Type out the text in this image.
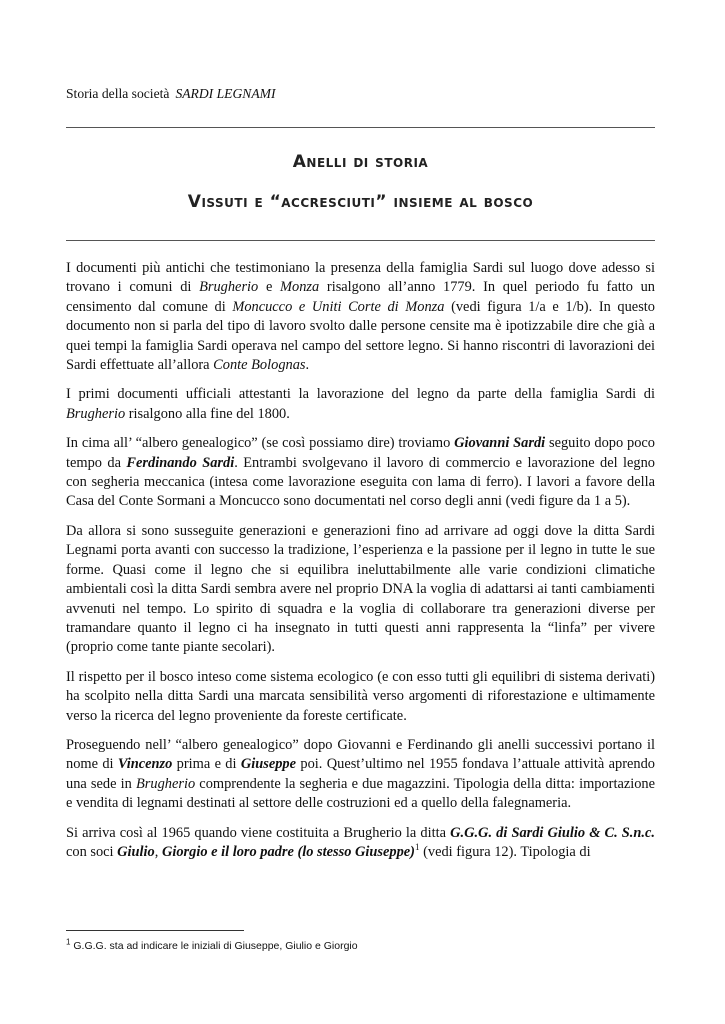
Storia della società SARDI LEGNAMI
Anelli di storia
Vissuti e “accresciuti” insieme al bosco

I documenti più antichi che testimoniano la presenza della famiglia Sardi sul luogo dove adesso si trovano i comuni di Brugherio e Monza risalgono all’anno 1779. In quel periodo fu fatto un censimento dal comune di Moncucco e Uniti Corte di Monza (vedi figura 1/a e 1/b). In questo documento non si parla del tipo di lavoro svolto dalle persone censite ma è ipotizzabile dire che già a quei tempi la famiglia Sardi operava nel campo del settore legno. Si hanno riscontri di lavorazioni dei Sardi effettuate all’allora Conte Bolognas.

I primi documenti ufficiali attestanti la lavorazione del legno da parte della famiglia Sardi di Brugherio risalgono alla fine del 1800.

In cima all’ “albero genealogico” (se così possiamo dire) troviamo Giovanni Sardi seguito dopo poco tempo da Ferdinando Sardi. Entrambi svolgevano il lavoro di commercio e lavorazione del legno con segheria meccanica (intesa come lavorazione eseguita con lama di ferro). I lavori a favore della Casa del Conte Sormani a Moncucco sono documentati nel corso degli anni (vedi figure da 1 a 5).

Da allora si sono susseguite generazioni e generazioni fino ad arrivare ad oggi dove la ditta Sardi Legnami porta avanti con successo la tradizione, l’esperienza e la passione per il legno in tutte le sue forme. Quasi come il legno che si equilibra ineluttabilmente alle varie condizioni climatiche ambientali così la ditta Sardi sembra avere nel proprio DNA la voglia di adattarsi ai tanti cambiamenti avvenuti nel tempo. Lo spirito di squadra e la voglia di collaborare tra generazioni diverse per tramandare quanto il legno ci ha insegnato in tutti questi anni rappresenta la “linfa” per vivere (proprio come tante piante secolari).

Il rispetto per il bosco inteso come sistema ecologico (e con esso tutti gli equilibri di sistema derivati) ha scolpito nella ditta Sardi una marcata sensibilità verso argomenti di riforestazione e ultimamente verso la ricerca del legno proveniente da foreste certificate.

Proseguendo nell’ “albero genealogico” dopo Giovanni e Ferdinando gli anelli successivi portano il nome di Vincenzo prima e di Giuseppe poi. Quest’ultimo nel 1955 fondava l’attuale attività aprendo una sede in Brugherio comprendente la segheria e due magazzini. Tipologia della ditta: importazione e vendita di legnami destinati al settore delle costruzioni ed a quello della falegnameria.

Si arriva così al 1965 quando viene costituita a Brugherio la ditta G.G.G. di Sardi Giulio & C. S.n.c. con soci Giulio, Giorgio e il loro padre (lo stesso Giuseppe)$^1$ (vedi figura 12). Tipologia di

$^1$ G.G.G. sta ad indicare le iniziali di Giuseppe, Giulio e Giorgio
